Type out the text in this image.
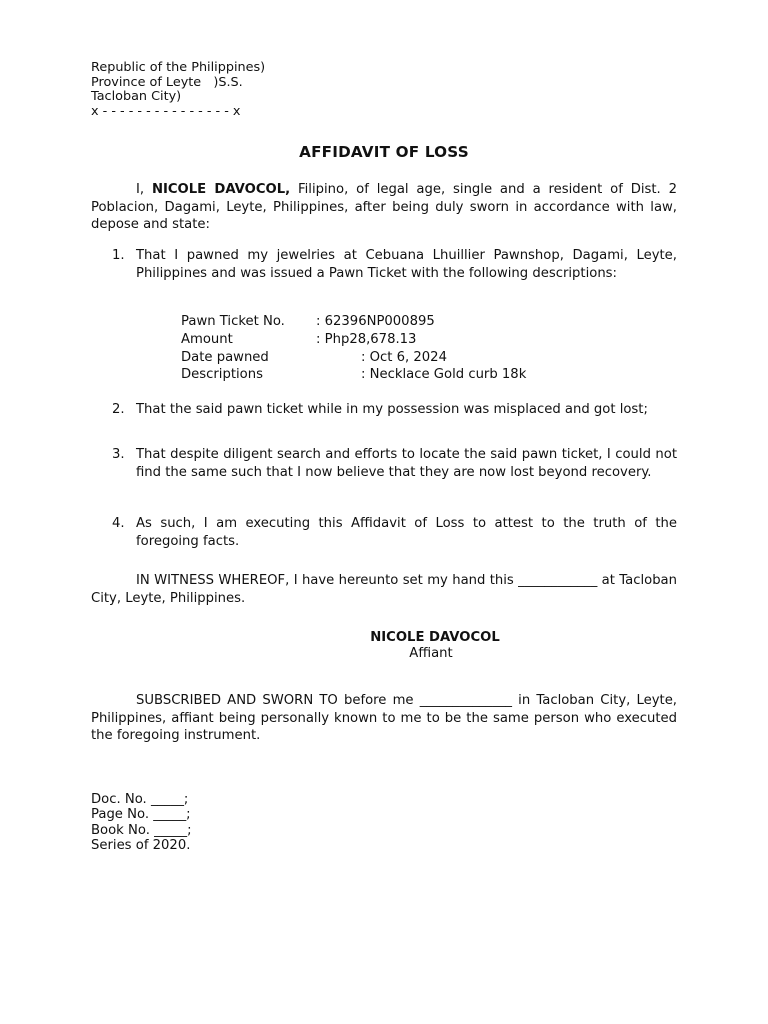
Republic of the Philippines)
Province of Leyte   )S.S.
Tacloban City)
x - - - - - - - - - - - - - - - x
AFFIDAVIT OF LOSS
I, NICOLE DAVOCOL, Filipino, of legal age, single and a resident of Dist. 2 Poblacion, Dagami, Leyte, Philippines, after being duly sworn in accordance with law, depose and state:
1. That I pawned my jewelries at Cebuana Lhuillier Pawnshop, Dagami, Leyte, Philippines and was issued a Pawn Ticket with the following descriptions:
Pawn Ticket No. : 62396NP000895
Amount	: Php28,678.13
Date pawned	: Oct 6, 2024
Descriptions	: Necklace Gold curb 18k
2. That the said pawn ticket while in my possession was misplaced and got lost;
3. That despite diligent search and efforts to locate the said pawn ticket, I could not find the same such that I now believe that they are now lost beyond recovery.
4. As such, I am executing this Affidavit of Loss to attest to the truth of the foregoing facts.
IN WITNESS WHEREOF, I have hereunto set my hand this ____________ at Tacloban City, Leyte, Philippines.
NICOLE DAVOCOL
Affiant
SUBSCRIBED AND SWORN TO before me ______________ in Tacloban City, Leyte, Philippines, affiant being personally known to me to be the same person who executed the foregoing instrument.
Doc. No. _____;
Page No. _____;
Book No. _____;
Series of 2020.
